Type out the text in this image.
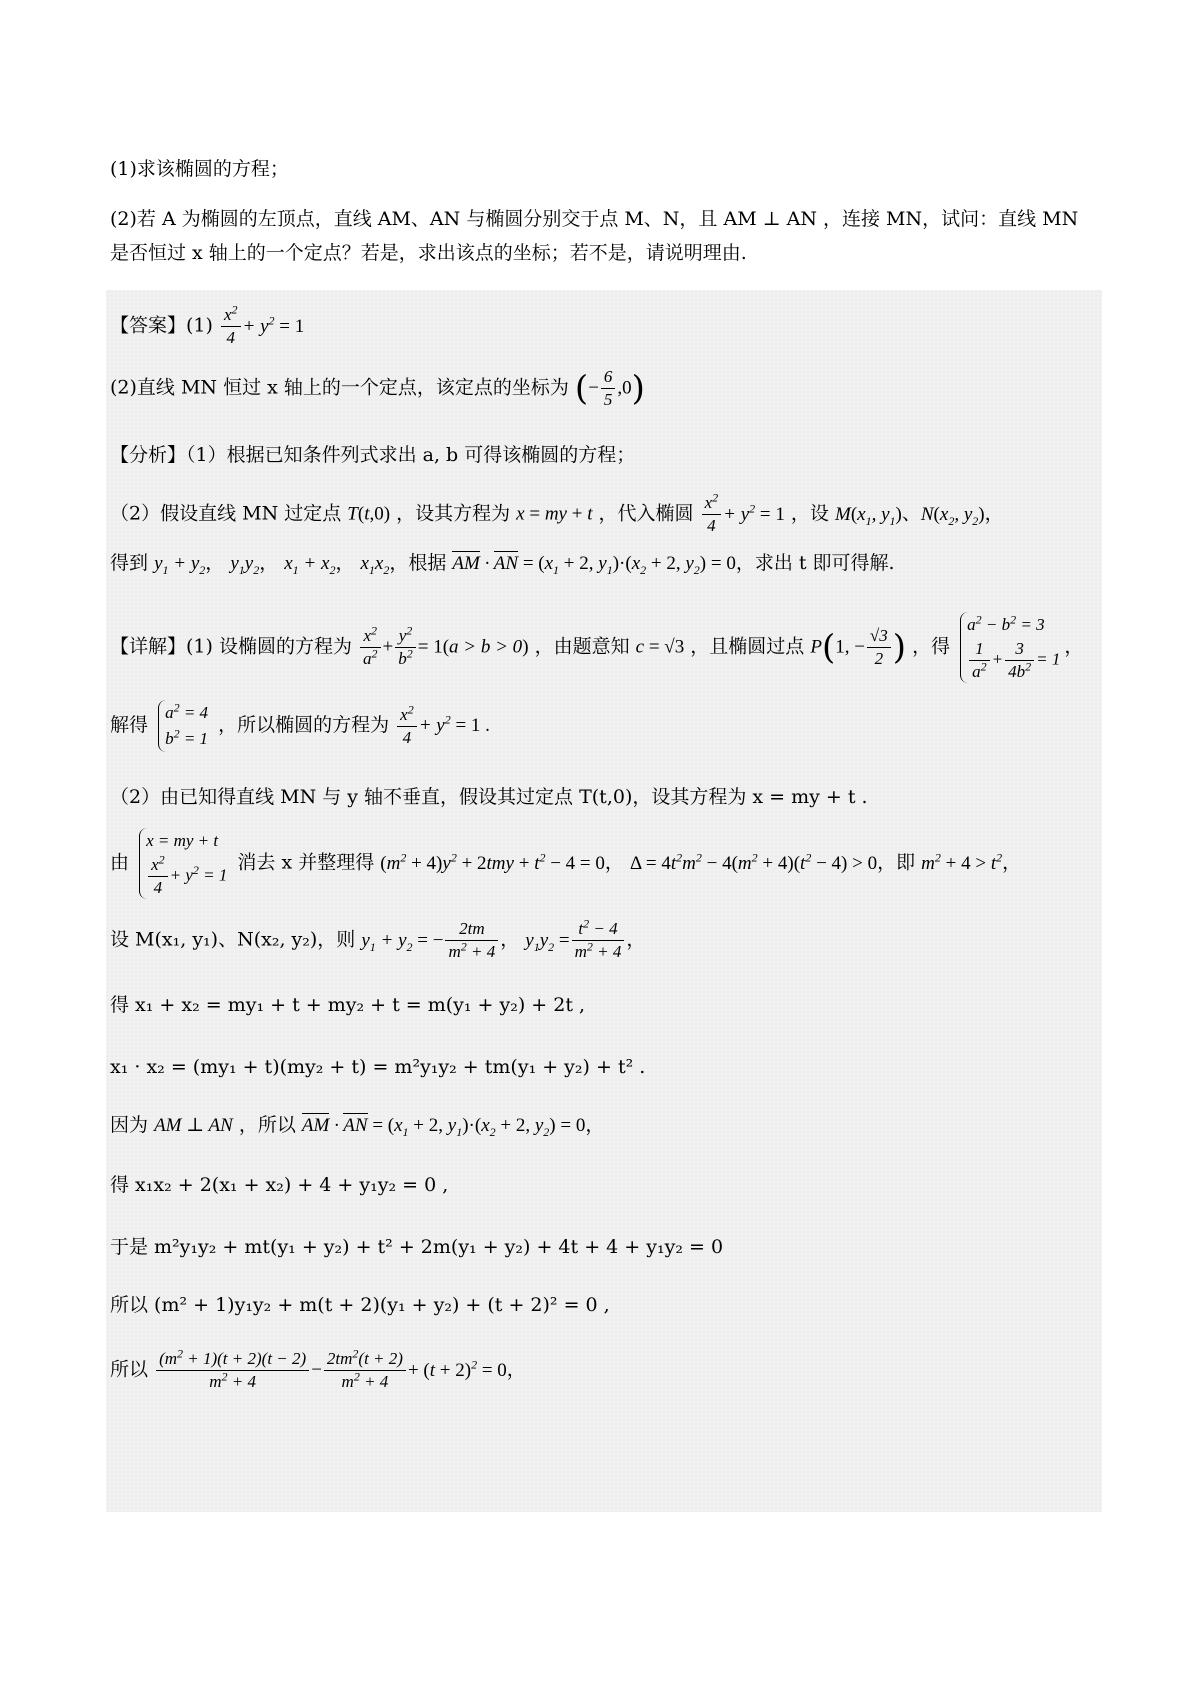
(1)求该椭圆的方程；
(2)若 A 为椭圆的左顶点，直线 AM、AN 与椭圆分别交于点 M、N，且 AM ⊥ AN ，连接 MN，试问：直线 MN
是否恒过 x 轴上的一个定点？若是，求出该点的坐标；若不是，请说明理由.
【答案】$(1) \frac{x^2}{4} + y^2 = 1$
(2)直线 MN 恒过 x 轴上的一个定点，该定点的坐标为 (− $\frac{6}{5} ,0$)
【分析】（1）根据已知条件列式求出 a, b 可得该椭圆的方程；
（2）假设直线 MN 过定点 T(t,0) ，设其方程为 x = my + t ，代入椭圆 $\frac{x^2}{4} + y^2 = 1$ ，设 $M(x_1$, $y_1$)、$N(x_2$, $y_2$)，
得到 $y_1 + y_2$， $y_1y_2$， $x_1 + x_2$， $x_1x_2$，根据 AM · AN = ($x_1 + 2$, $y_1)\cdot(x_2 + 2$, $y_2) = 0$，求出 t 即可得解.
【详解】(1) 设椭圆的方程为 $\frac{x^2}{a^2} + \frac{y^2}{b^2} = 1(a > b > 0)$ ，由题意知 c = √3 ，且椭圆过点 P(1, − $\frac{√3}{2}$ ) ，得
$a^2 - b^2 = 3$
$\frac{1}{a^2} + \frac{3}{4b^2} = 1$
，
解得
$a^2 = 4$
$b^2 = 1$
，所以椭圆的方程为 $\frac{x^2}{4} + y^2 = 1$ .
（2）由已知得直线 MN 与 y 轴不垂直，假设其过定点 T(t,0)，设其方程为 x = my + t .
由
x = my + t
$\frac{x^2}{4} + y^2 = 1$
消去 x 并整理得 $(m^2 + 4)y^2 + 2tmy + t^2 - 4 = 0$， $\Delta = 4t^2m^2 - 4(m^2 + 4)(t^2 - 4) > 0$，即 $m^2 + 4 > t^2$，
设 M(x₁, y₁)、N(x₂, y₂)，则 $y_1 + y_2$ = − $\frac{2tm}{m^2 + 4}$ ， $y_1y_2 = \frac{t^2 - 4}{m^2 + 4}$ ，
得 x₁ + x₂ = my₁ + t + my₂ + t = m(y₁ + y₂) + 2t ,
x₁ · x₂ = (my₁ + t)(my₂ + t) = m²y₁y₂ + tm(y₁ + y₂) + t² .
因为 AM ⊥ AN ，所以 AM · AN = ($x_1 + 2$, $y_1)\cdot(x_2 + 2$, $y_2) = 0$，
得 x₁x₂ + 2(x₁ + x₂) + 4 + y₁y₂ = 0 ,
于是 m²y₁y₂ + mt(y₁ + y₂) + t² + 2m(y₁ + y₂) + 4t + 4 + y₁y₂ = 0
所以 (m² + 1)y₁y₂ + m(t + 2)(y₁ + y₂) + (t + 2)² = 0 ,
所以 $\frac{(m^2 + 1)(t + 2)(t - 2)}{m^2 + 4} - \frac{2tm^2(t + 2)}{m^2 + 4} + (t + 2)^2 = 0$，
